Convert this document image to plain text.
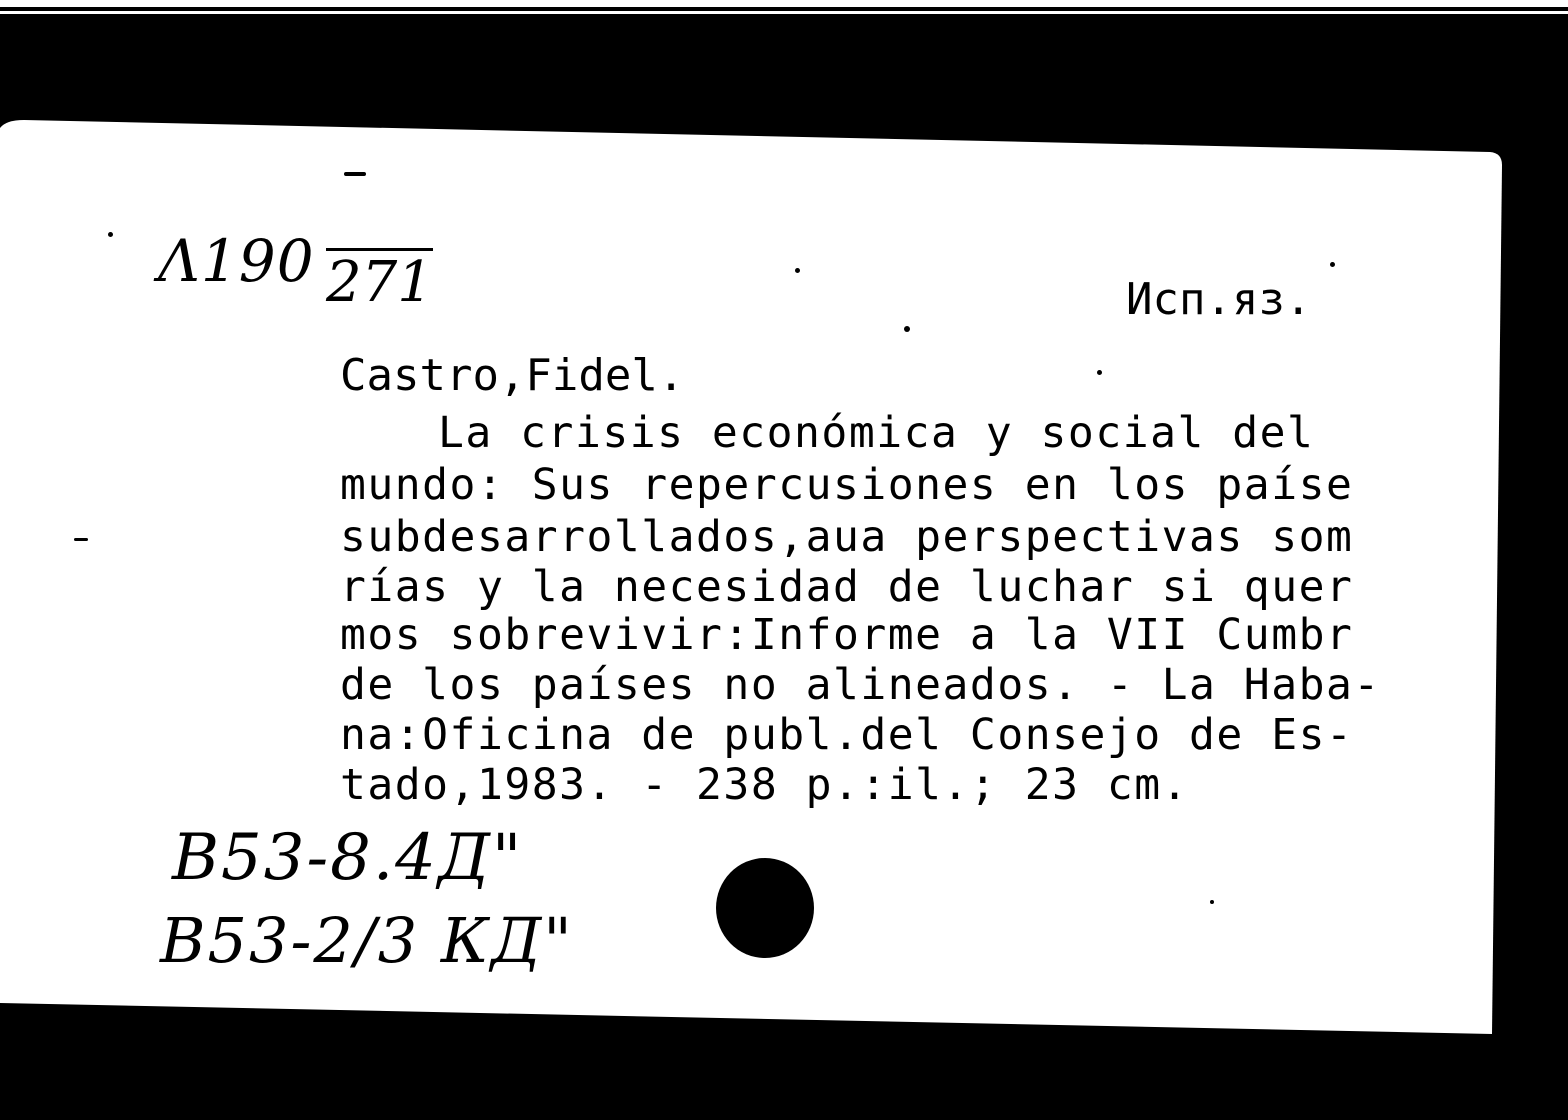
Λ190 271	Исп.яз.
Castro,Fidel.
La crisis económica y social del
mundo: Sus repercusiones en los paíse
subdesarrollados,aua perspectivas som
rías y la necesidad de luchar si quer
mos sobrevivir:Informe a la VII Cumbr
de los países no alineados. - La Haba-
na:Oficina de publ.del Consejo de Es-
tado,1983. - 238 p.:il.; 23 cm.
B53-8.4Д"
B53-2/3 КД"
